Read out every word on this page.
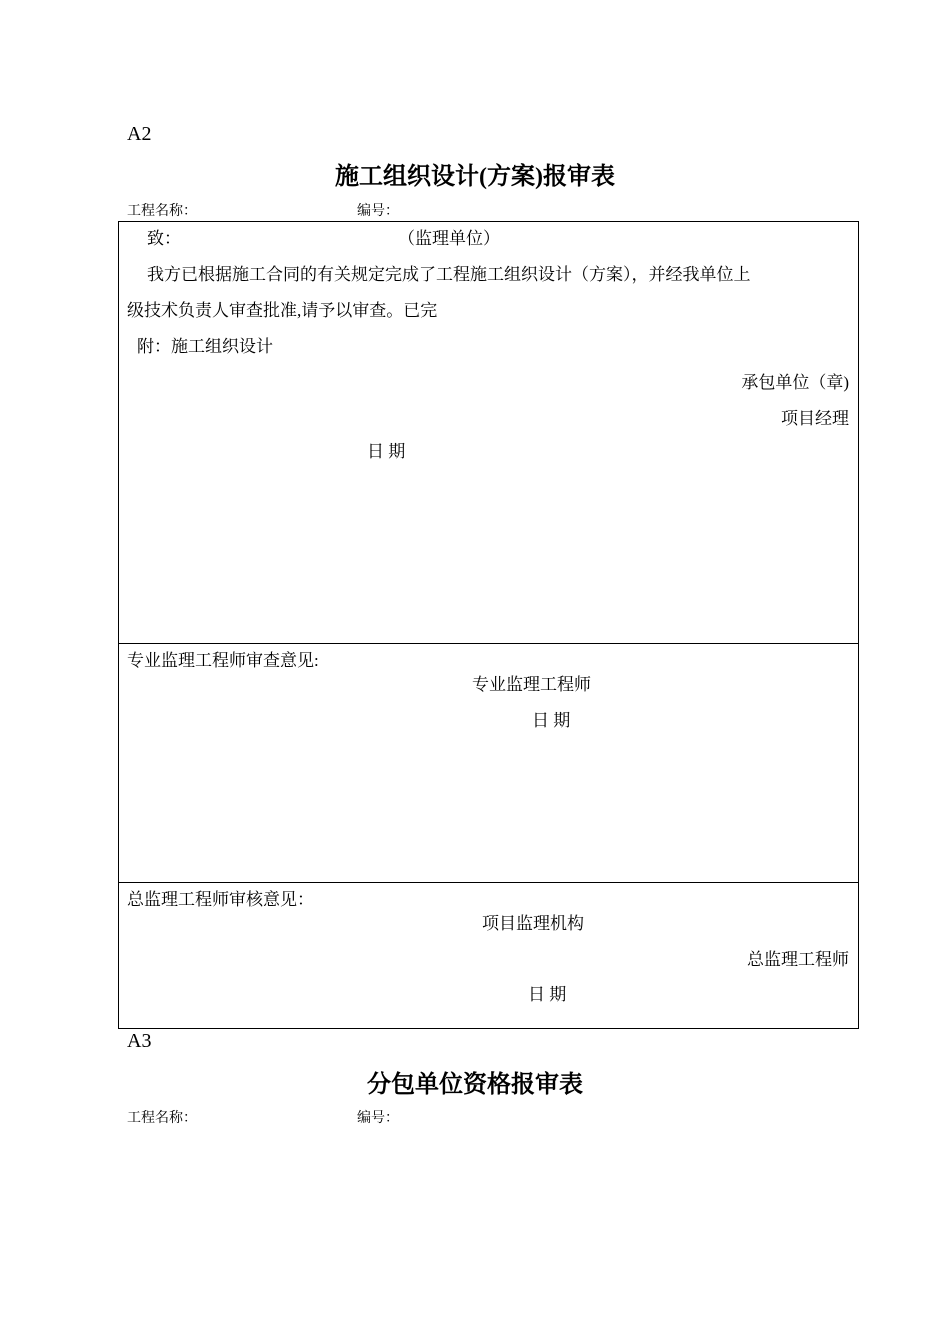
A2
施工组织设计(方案)报审表
工程名称：	编号：
致：	（监理单位）
我方已根据施工合同的有关规定完成了工程施工组织设计（方案），并经我单位上
级技术负责人审查批准,请予以审查。已完
附：施工组织设计
承包单位（章)
项目经理
日 期
专业监理工程师审查意见:
专业监理工程师
日 期
总监理工程师审核意见：
项目监理机构
总监理工程师
日 期
A3
分包单位资格报审表
工程名称：	编号：
